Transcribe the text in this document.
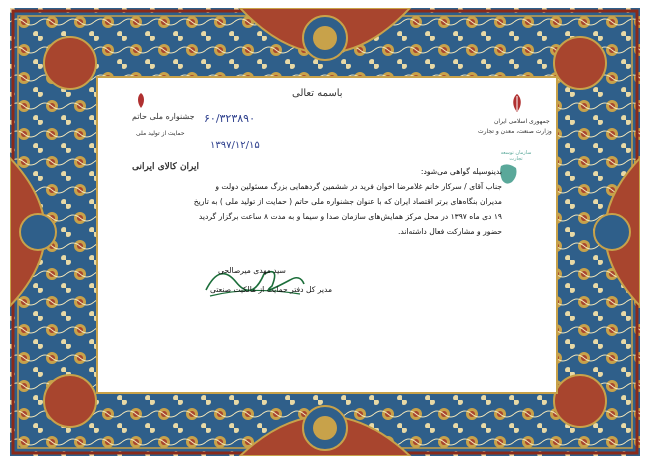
باسمه تعالی
جمهوری اسلامی ایران
وزارت صنعت، معدن و تجارت
سازمان توسعه تجارت
جشنواره ملی حاتم
حمایت از تولید ملی
ایران کالای ایرانی
۶۰/۳۲۳۸۹۰
۱۳۹۷/۱۲/۱۵
بدینوسیله گواهی می‌شود:
جناب آقای / سرکار خانم غلامرضا اخوان فرید در ششمین گردهمایی بزرگ مسئولین دولت و
مدیران بنگاه‌های برتر اقتصاد ایران که با عنوان جشنواره ملی حاتم ( حمایت از تولید ملی ) به تاریخ
۱۹ دی ماه ۱۳۹۷ در محل مرکز همایش‌های سازمان صدا و سیما و به مدت ۸ ساعت برگزار گردید
حضور و مشارکت فعال داشته‌اند.
سید مهدی میرصالحی
مدیر کل دفتر حمایت از مالکیت صنعتی
